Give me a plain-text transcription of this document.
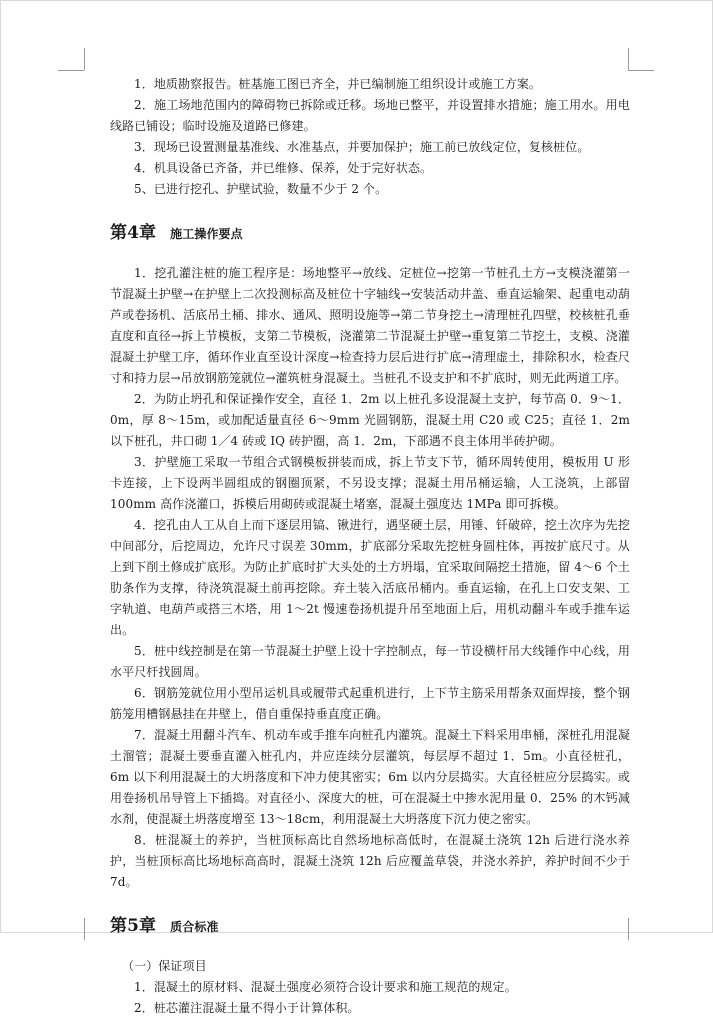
1．地质勘察报告。桩基施工图已齐全，并已编制施工组织设计或施工方案。

2．施工场地范围内的障碍物已拆除或迁移。场地已整平，并设置排水措施；施工用水。用电线路已铺设；临时设施及道路已修建。

3．现场已设置测量基准线、水准基点，并要加保护；施工前已放线定位，复核桩位。

4．机具设备已齐备，并已维修、保养，处于完好状态。

5、已进行挖孔、护壁试验，数量不少于 2 个。

第4章 施工操作要点

1．挖孔灌注桩的施工程序是：场地整平→放线、定桩位→挖第一节桩孔土方→支模浇灌第一节混凝土护壁→在护壁上二次投测标高及桩位十字轴线→安装活动井盖、垂直运输架、起重电动葫芦或卷扬机、活底吊土桶、排水、通风、照明设施等→第二节身挖土→清理桩孔四壁，校核桩孔垂直度和直径→拆上节模板，支第二节模板，浇灌第二节混凝土护壁→重复第二节挖土，支模、浇灌混凝土护壁工序，循环作业直至设计深度→检查持力层后进行扩底→清理虚土，排除积水，检查尺寸和持力层→吊放钢筋笼就位→灌筑桩身混凝土。当桩孔不设支护和不扩底时，则无此两道工序。

2．为防止坍孔和保证操作安全，直径 1．2m 以上桩孔多设混凝土支护，每节高 0．9～1．0m，厚 8～15m，或加配适量直径 6～9mm 光圆钢筋，混凝土用 C20 或 C25；直径 1．2m 以下桩孔，井口砌 1／4 砖或 IQ 砖护圈，高 1．2m，下部遇不良主体用半砖护砌。

3．护壁施工采取一节组合式钢模板拼装而成，拆上节支下节，循环周转使用，模板用 U 形卡连接，上下设两半圆组成的钢圈顶紧，不另设支撑；混凝土用吊桶运输，人工浇筑，上部留 100mm 高作浇灌口，拆模后用砌砖或混凝土堵塞，混凝土强度达 1MPa 即可拆模。

4．挖孔由人工从自上而下逐层用镐、锹进行，遇坚硬土层，用锤、钎破碎，挖土次序为先挖中间部分，后挖周边，允许尺寸误差 30mm，扩底部分采取先挖桩身圆柱体，再按扩底尺寸。从上到下削土修成扩底形。为防止扩底时扩大头处的土方坍塌，宜采取间隔挖土措施，留 4～6 个土肋条作为支撑，待浇筑混凝土前再挖除。弃土装入活底吊桶内。垂直运输，在孔上口安支架、工字轨道、电葫芦或搭三木塔，用 1～2t 慢速卷扬机提升吊至地面上后，用机动翻斗车或手推车运出。

5．桩中线控制是在第一节混凝土护壁上设十字控制点，每一节设横杆吊大线锤作中心线，用水平尺杆找圆周。

6．钢筋笼就位用小型吊运机具或履带式起重机进行，上下节主筋采用帮条双面焊接，整个钢筋笼用槽钢悬挂在井壁上，借自重保持垂直度正确。

7．混凝土用翻斗汽车、机动车或手推车向桩孔内灌筑。混凝土下料采用串桶，深桩孔用混凝土溜管；混凝土要垂直灌入桩孔内，并应连续分层灌筑，每层厚不超过 1．5m。小直径桩孔，6m 以下利用混凝土的大坍落度和下冲力使其密实；6m 以内分层捣实。大直径桩应分层捣实。或用卷扬机吊导管上下插捣。对直径小、深度大的桩，可在混凝土中掺水泥用量 0．25% 的木钙减水剂，使混凝土坍落度增至 13～18cm，利用混凝土大坍落度下沉力使之密实。

8．桩混凝土的养护，当桩顶标高比自然场地标高低时，在混凝土浇筑 12h 后进行浇水养护，当桩顶标高比场地标高高时，混凝土浇筑 12h 后应覆盖草袋，并浇水养护，养护时间不少于 7d。

第5章 质合标准

（一）保证项目

1．混凝土的原材料、混凝土强度必须符合设计要求和施工规范的规定。

2．桩芯灌注混凝土量不得小于计算体积。
